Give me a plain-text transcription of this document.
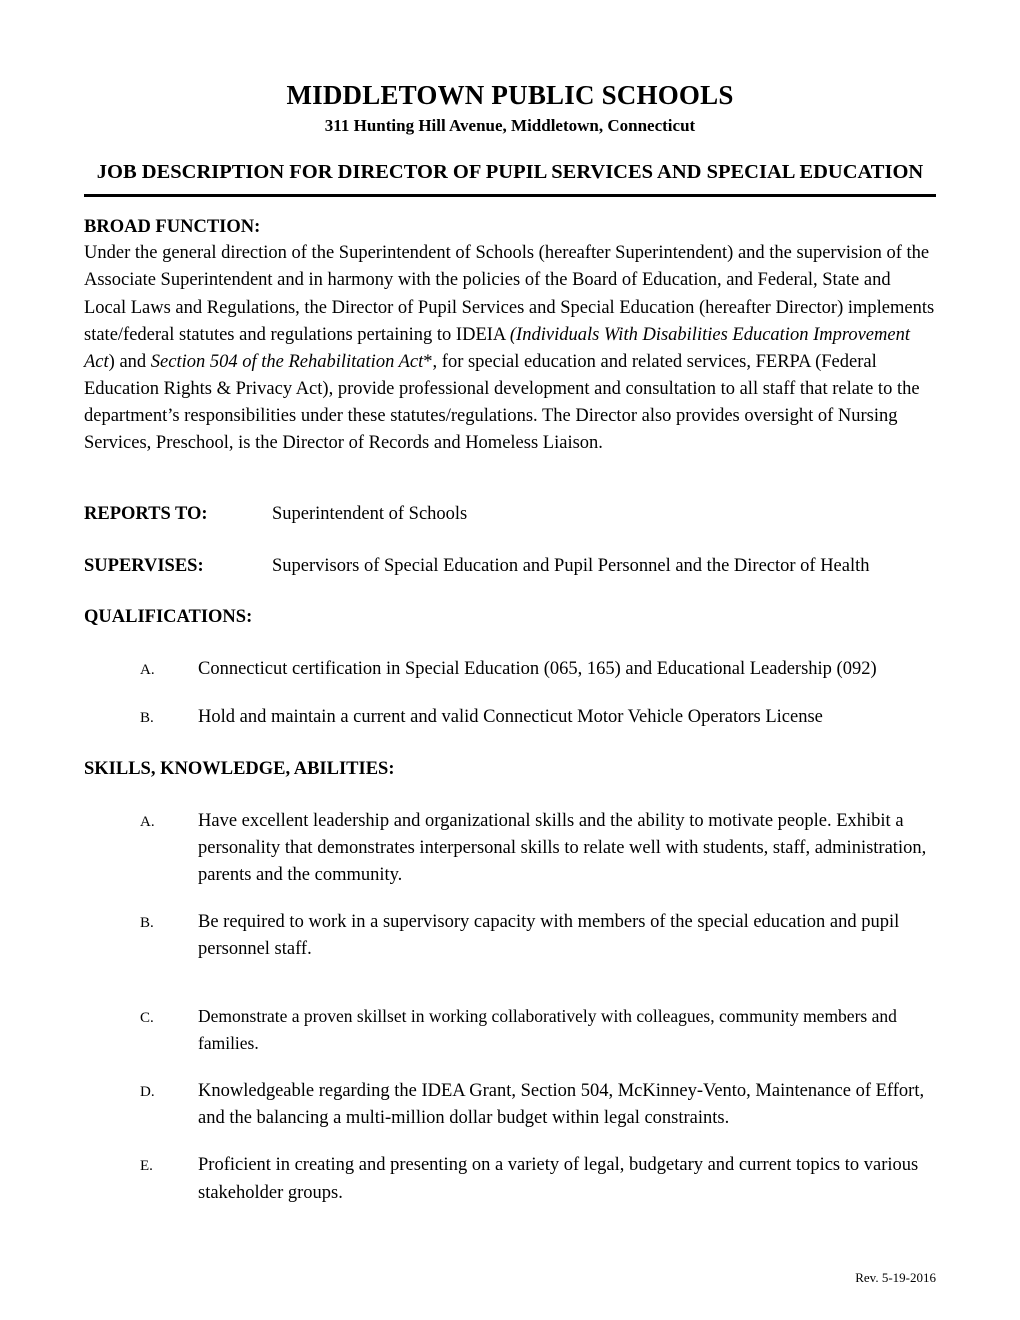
MIDDLETOWN PUBLIC SCHOOLS
311 Hunting Hill Avenue, Middletown, Connecticut
JOB DESCRIPTION FOR DIRECTOR OF PUPIL SERVICES AND SPECIAL EDUCATION
BROAD FUNCTION:

Under the general direction of the Superintendent of Schools (hereafter Superintendent) and the supervision of the Associate Superintendent and in harmony with the policies of the Board of Education, and Federal, State and Local Laws and Regulations, the Director of Pupil Services and Special Education (hereafter Director) implements state/federal statutes and regulations pertaining to IDEIA (Individuals With Disabilities Education Improvement Act) and Section 504 of the Rehabilitation Act*, for special education and related services, FERPA (Federal Education Rights & Privacy Act), provide professional development and consultation to all staff that relate to the department’s responsibilities under these statutes/regulations. The Director also provides oversight of Nursing Services, Preschool, is the Director of Records and Homeless Liaison.

REPORTS TO:	Superintendent of Schools
SUPERVISES:	Supervisors of Special Education and Pupil Personnel and the Director of Health
QUALIFICATIONS:
A.	Connecticut certification in Special Education (065, 165) and Educational Leadership (092)
B.	Hold and maintain a current and valid Connecticut Motor Vehicle Operators License
SKILLS, KNOWLEDGE, ABILITIES:
A.	Have excellent leadership and organizational skills and the ability to motivate people. Exhibit a personality that demonstrates interpersonal skills to relate well with students, staff, administration, parents and the community.
B.	Be required to work in a supervisory capacity with members of the special education and pupil personnel staff.
C.	Demonstrate a proven skillset in working collaboratively with colleagues, community members and families.
D.	Knowledgeable regarding the IDEA Grant, Section 504, McKinney-Vento, Maintenance of Effort, and the balancing a multi-million dollar budget within legal constraints.
E.	Proficient in creating and presenting on a variety of legal, budgetary and current topics to various stakeholder groups.
Rev. 5-19-2016
